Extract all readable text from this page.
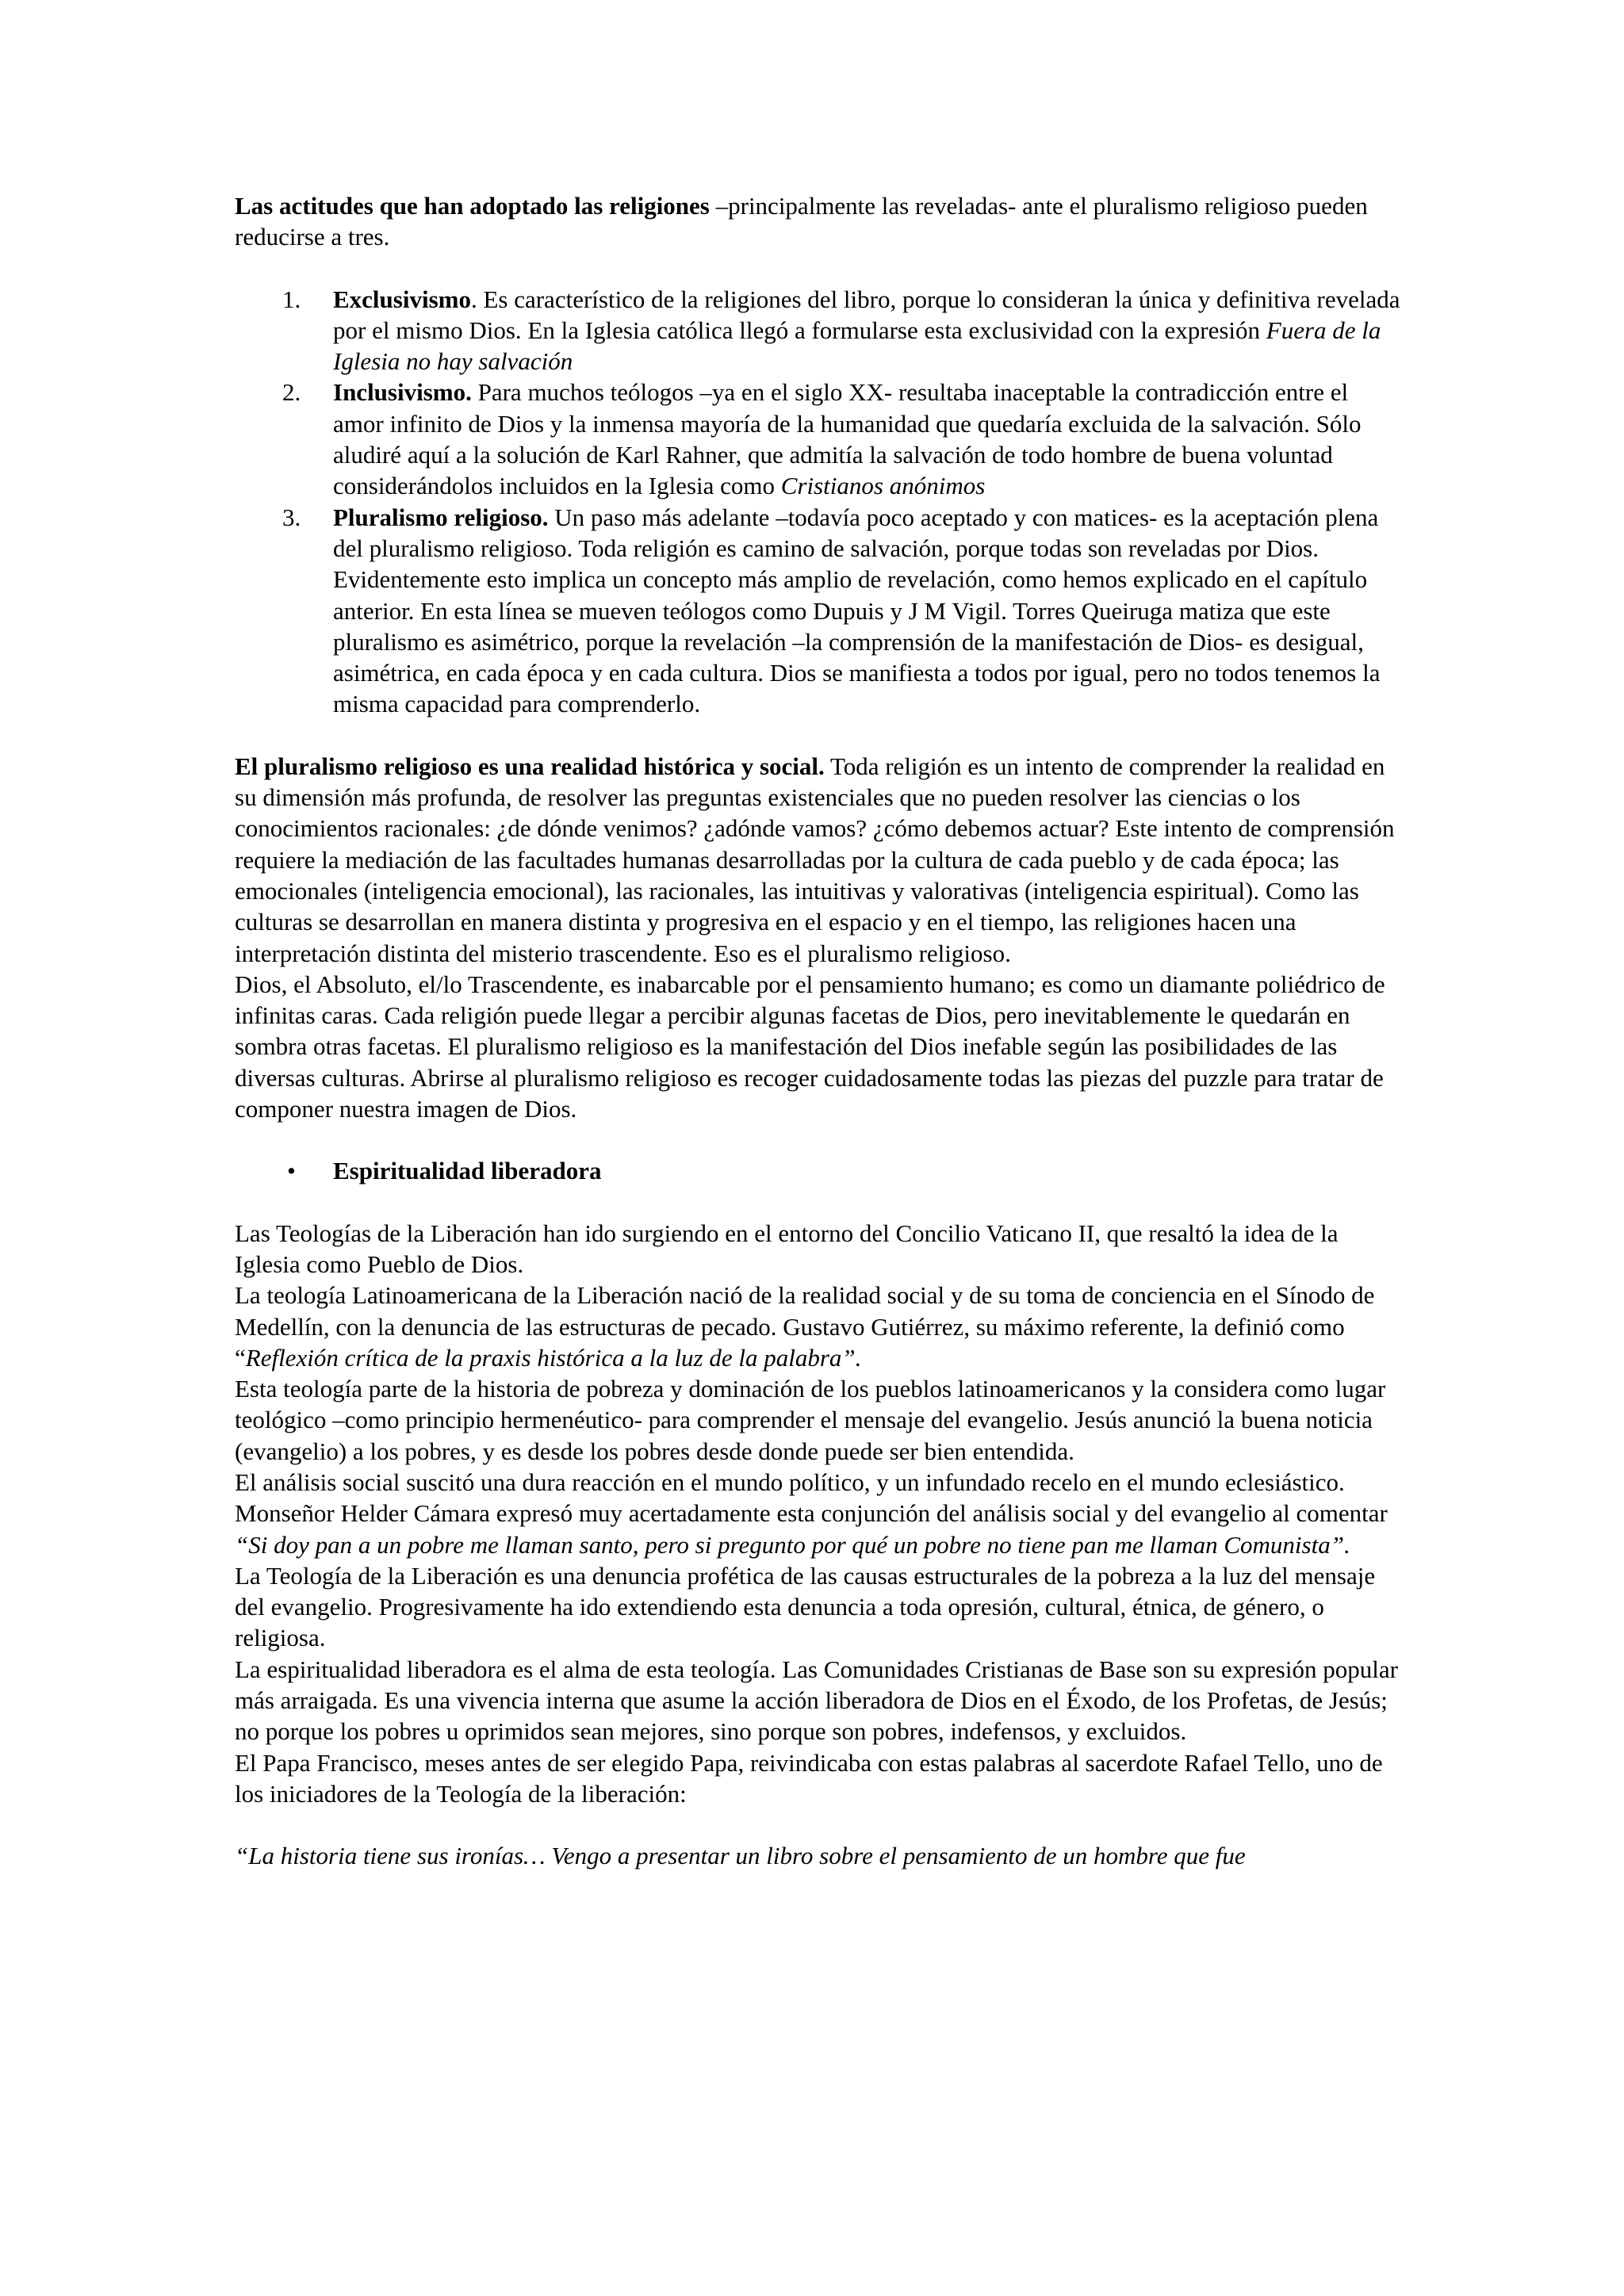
Las actitudes que han adoptado las religiones –principalmente las reveladas- ante el pluralismo religioso pueden reducirse a tres.

1. Exclusivismo. Es característico de la religiones del libro, porque lo consideran la única y definitiva revelada por el mismo Dios. En la Iglesia católica llegó a formularse esta exclusividad con la expresión Fuera de la Iglesia no hay salvación
2. Inclusivismo. Para muchos teólogos –ya en el siglo XX- resultaba inaceptable la contradicción entre el amor infinito de Dios y la inmensa mayoría de la humanidad que quedaría excluida de la salvación. Sólo aludiré aquí a la solución de Karl Rahner, que admitía la salvación de todo hombre de buena voluntad considerándolos incluidos en la Iglesia como Cristianos anónimos
3. Pluralismo religioso. Un paso más adelante –todavía poco aceptado y con matices- es la aceptación plena del pluralismo religioso. Toda religión es camino de salvación, porque todas son reveladas por Dios. Evidentemente esto implica un concepto más amplio de revelación, como hemos explicado en el capítulo anterior. En esta línea se mueven teólogos como Dupuis y J M Vigil. Torres Queiruga matiza que este pluralismo es asimétrico, porque la revelación –la comprensión de la manifestación de Dios- es desigual, asimétrica, en cada época y en cada cultura. Dios se manifiesta a todos por igual, pero no todos tenemos la misma capacidad para comprenderlo.

El pluralismo religioso es una realidad histórica y social. Toda religión es un intento de comprender la realidad en su dimensión más profunda, de resolver las preguntas existenciales que no pueden resolver las ciencias o los conocimientos racionales: ¿de dónde venimos? ¿adónde vamos? ¿cómo debemos actuar? Este intento de comprensión requiere la mediación de las facultades humanas desarrolladas por la cultura de cada pueblo y de cada época; las emocionales (inteligencia emocional), las racionales, las intuitivas y valorativas (inteligencia espiritual). Como las culturas se desarrollan en manera distinta y progresiva en el espacio y en el tiempo, las religiones hacen una interpretación distinta del misterio trascendente. Eso es el pluralismo religioso.

Dios, el Absoluto, el/lo Trascendente, es inabarcable por el pensamiento humano; es como un diamante poliédrico de infinitas caras. Cada religión puede llegar a percibir algunas facetas de Dios, pero inevitablemente le quedarán en sombra otras facetas. El pluralismo religioso es la manifestación del Dios inefable según las posibilidades de las diversas culturas. Abrirse al pluralismo religioso es recoger cuidadosamente todas las piezas del puzzle para tratar de componer nuestra imagen de Dios.

• Espiritualidad liberadora

Las Teologías de la Liberación han ido surgiendo en el entorno del Concilio Vaticano II, que resaltó la idea de la Iglesia como Pueblo de Dios.

La teología Latinoamericana de la Liberación nació de la realidad social y de su toma de conciencia en el Sínodo de Medellín, con la denuncia de las estructuras de pecado. Gustavo Gutiérrez, su máximo referente, la definió como “Reflexión crítica de la praxis histórica a la luz de la palabra”.

Esta teología parte de la historia de pobreza y dominación de los pueblos latinoamericanos y la considera como lugar teológico –como principio hermenéutico- para comprender el mensaje del evangelio. Jesús anunció la buena noticia (evangelio) a los pobres, y es desde los pobres desde donde puede ser bien entendida.

El análisis social suscitó una dura reacción en el mundo político, y un infundado recelo en el mundo eclesiástico. Monseñor Helder Cámara expresó muy acertadamente esta conjunción del análisis social y del evangelio al comentar “Si doy pan a un pobre me llaman santo, pero si pregunto por qué un pobre no tiene pan me llaman Comunista”.

La Teología de la Liberación es una denuncia profética de las causas estructurales de la pobreza a la luz del mensaje del evangelio. Progresivamente ha ido extendiendo esta denuncia a toda opresión, cultural, étnica, de género, o religiosa.

La espiritualidad liberadora es el alma de esta teología. Las Comunidades Cristianas de Base son su expresión popular más arraigada. Es una vivencia interna que asume la acción liberadora de Dios en el Éxodo, de los Profetas, de Jesús; no porque los pobres u oprimidos sean mejores, sino porque son pobres, indefensos, y excluidos.

El Papa Francisco, meses antes de ser elegido Papa, reivindicaba con estas palabras al sacerdote Rafael Tello, uno de los iniciadores de la Teología de la liberación:

“La historia tiene sus ironías… Vengo a presentar un libro sobre el pensamiento de un hombre que fue
